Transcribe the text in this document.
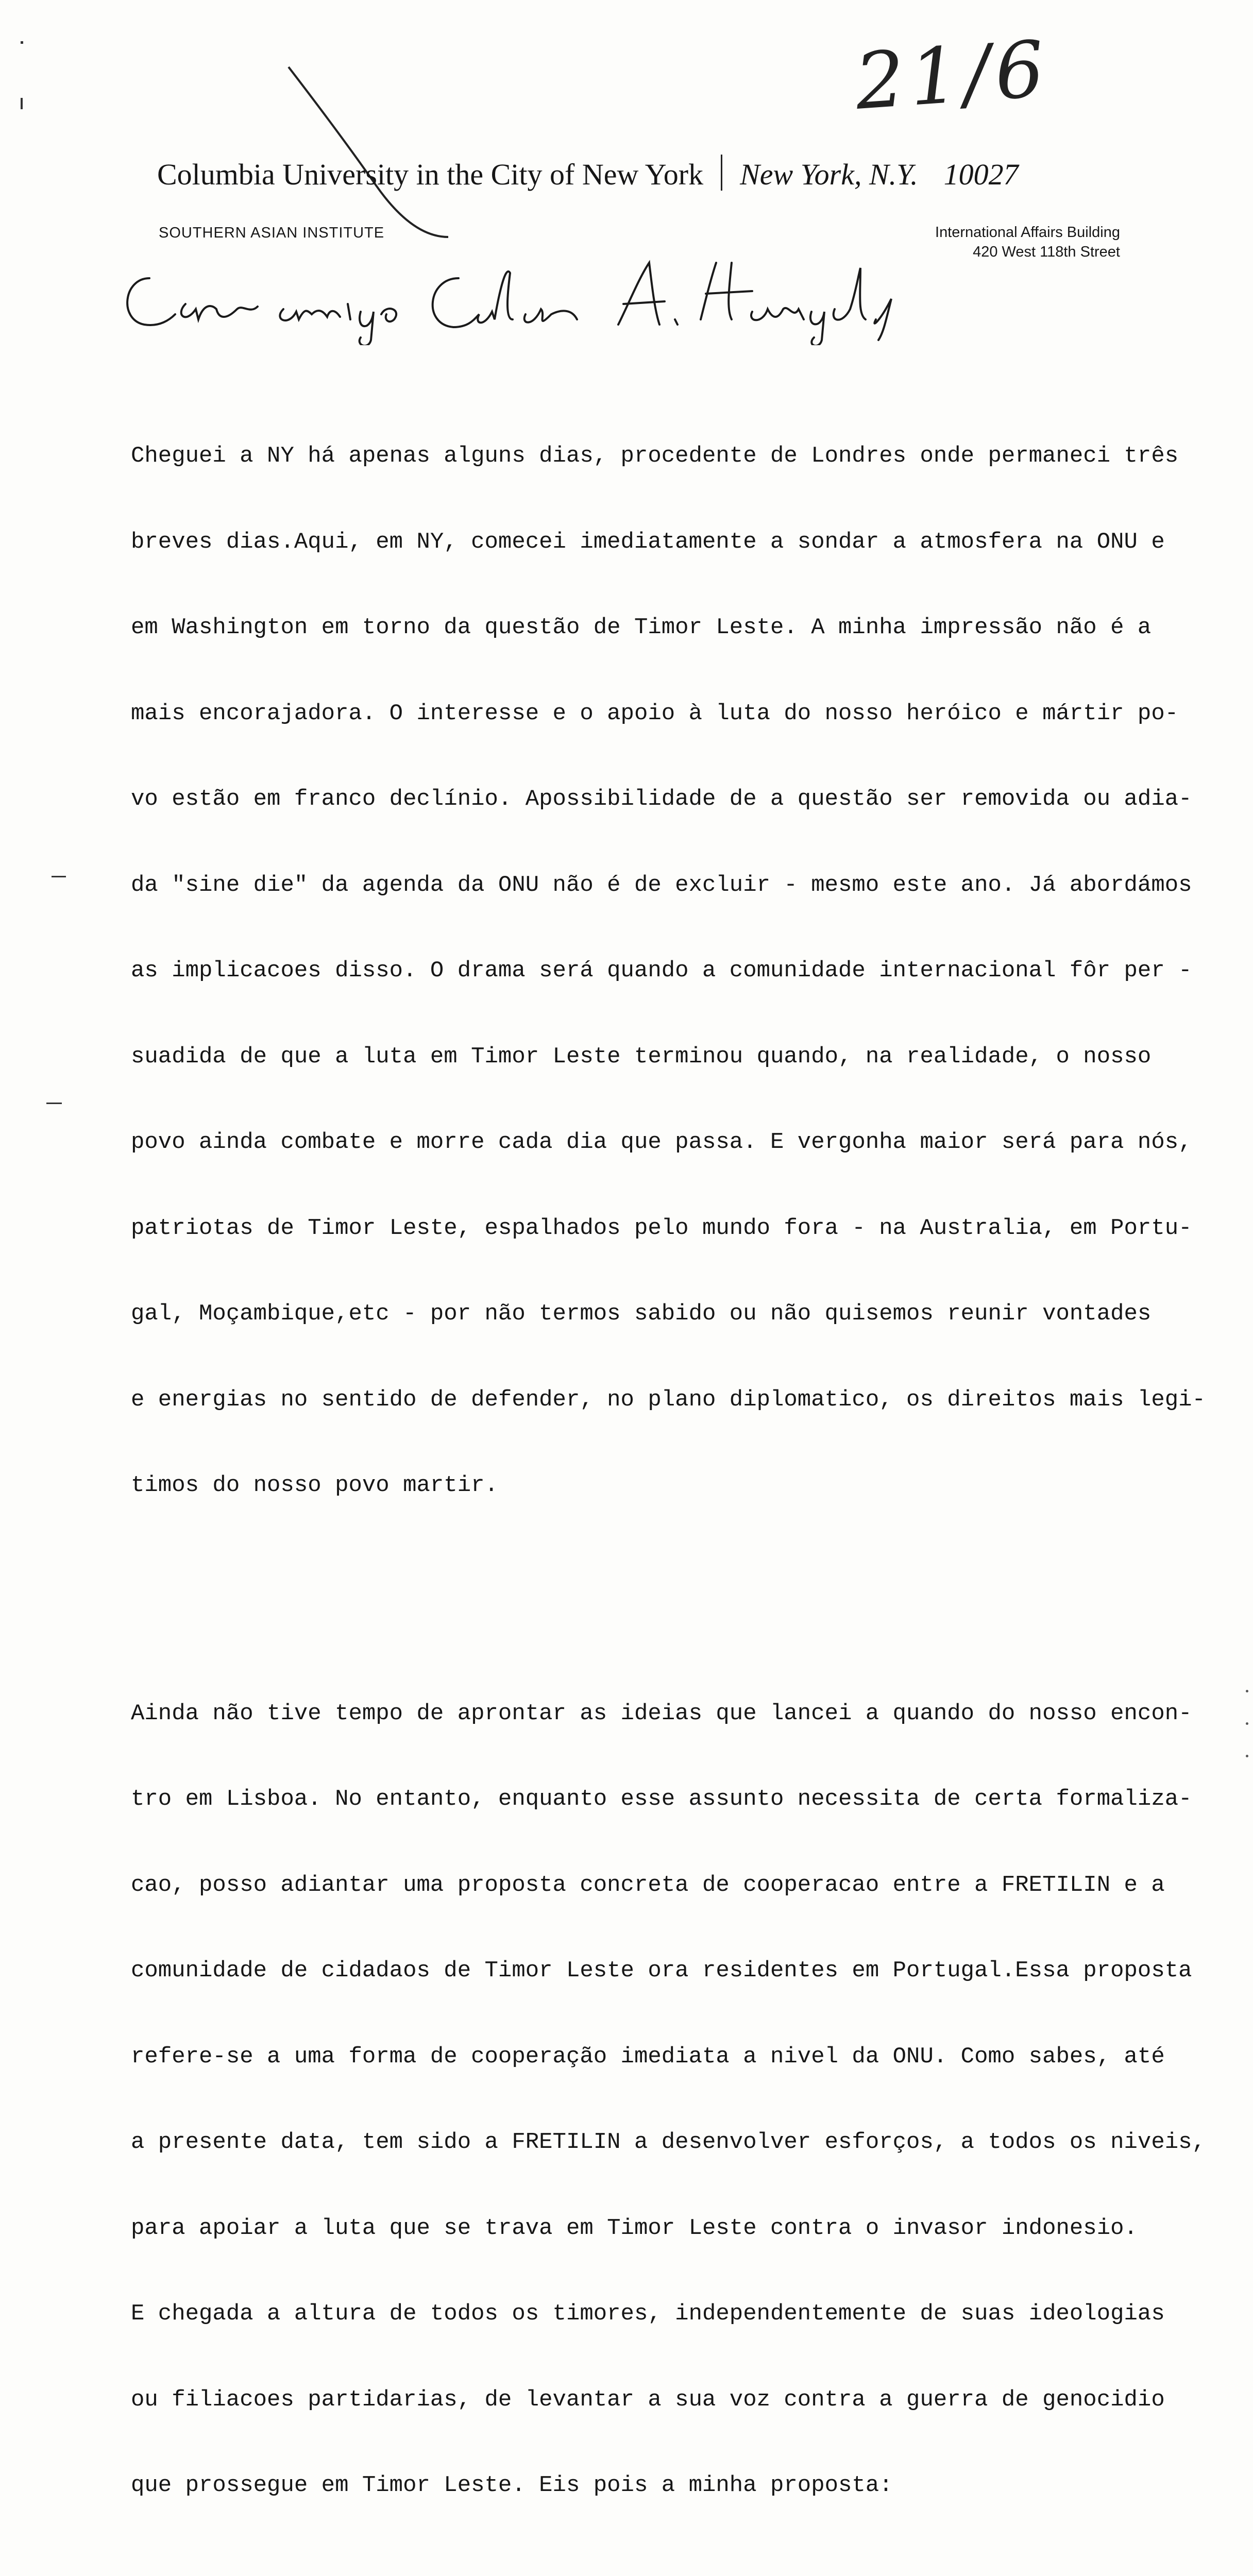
21/6
Columbia University in the City of New York New York, N.Y. 10027
SOUTHERN ASIAN INSTITUTE	International Affairs Building
420 West 118th Street

Cheguei a NY há apenas alguns dias, procedente de Londres onde permaneci três

breves dias.Aqui, em NY, comecei imediatamente a sondar a atmosfera na ONU e

em Washington em torno da questão de Timor Leste. A minha impressão não é a

mais encorajadora. O interesse e o apoio à luta do nosso heróico e mártir po-

vo estão em franco declínio. Apossibilidade de a questão ser removida ou adia-

da "sine die" da agenda da ONU não é de excluir - mesmo este ano. Já abordámos

as implicacoes disso. O drama será quando a comunidade internacional fôr per -

suadida de que a luta em Timor Leste terminou quando, na realidade, o nosso

povo ainda combate e morre cada dia que passa. E vergonha maior será para nós,

patriotas de Timor Leste, espalhados pelo mundo fora - na Australia, em Portu-

gal, Moçambique,etc - por não termos sabido ou não quisemos reunir vontades

e energias no sentido de defender, no plano diplomatico, os direitos mais legi-

timos do nosso povo martir.

Ainda não tive tempo de aprontar as ideias que lancei a quando do nosso encon-

tro em Lisboa. No entanto, enquanto esse assunto necessita de certa formaliza-

cao, posso adiantar uma proposta concreta de cooperacao entre a FRETILIN e a

comunidade de cidadaos de Timor Leste ora residentes em Portugal.Essa proposta

refere-se a uma forma de cooperação imediata a nivel da ONU. Como sabes, até

a presente data, tem sido a FRETILIN a desenvolver esforços, a todos os niveis,

para apoiar a luta que se trava em Timor Leste contra o invasor indonesio.

E chegada a altura de todos os timores, independentemente de suas ideologias

ou filiacoes partidarias, de levantar a sua voz contra a guerra de genocidio

que prossegue em Timor Leste. Eis pois a minha proposta:
